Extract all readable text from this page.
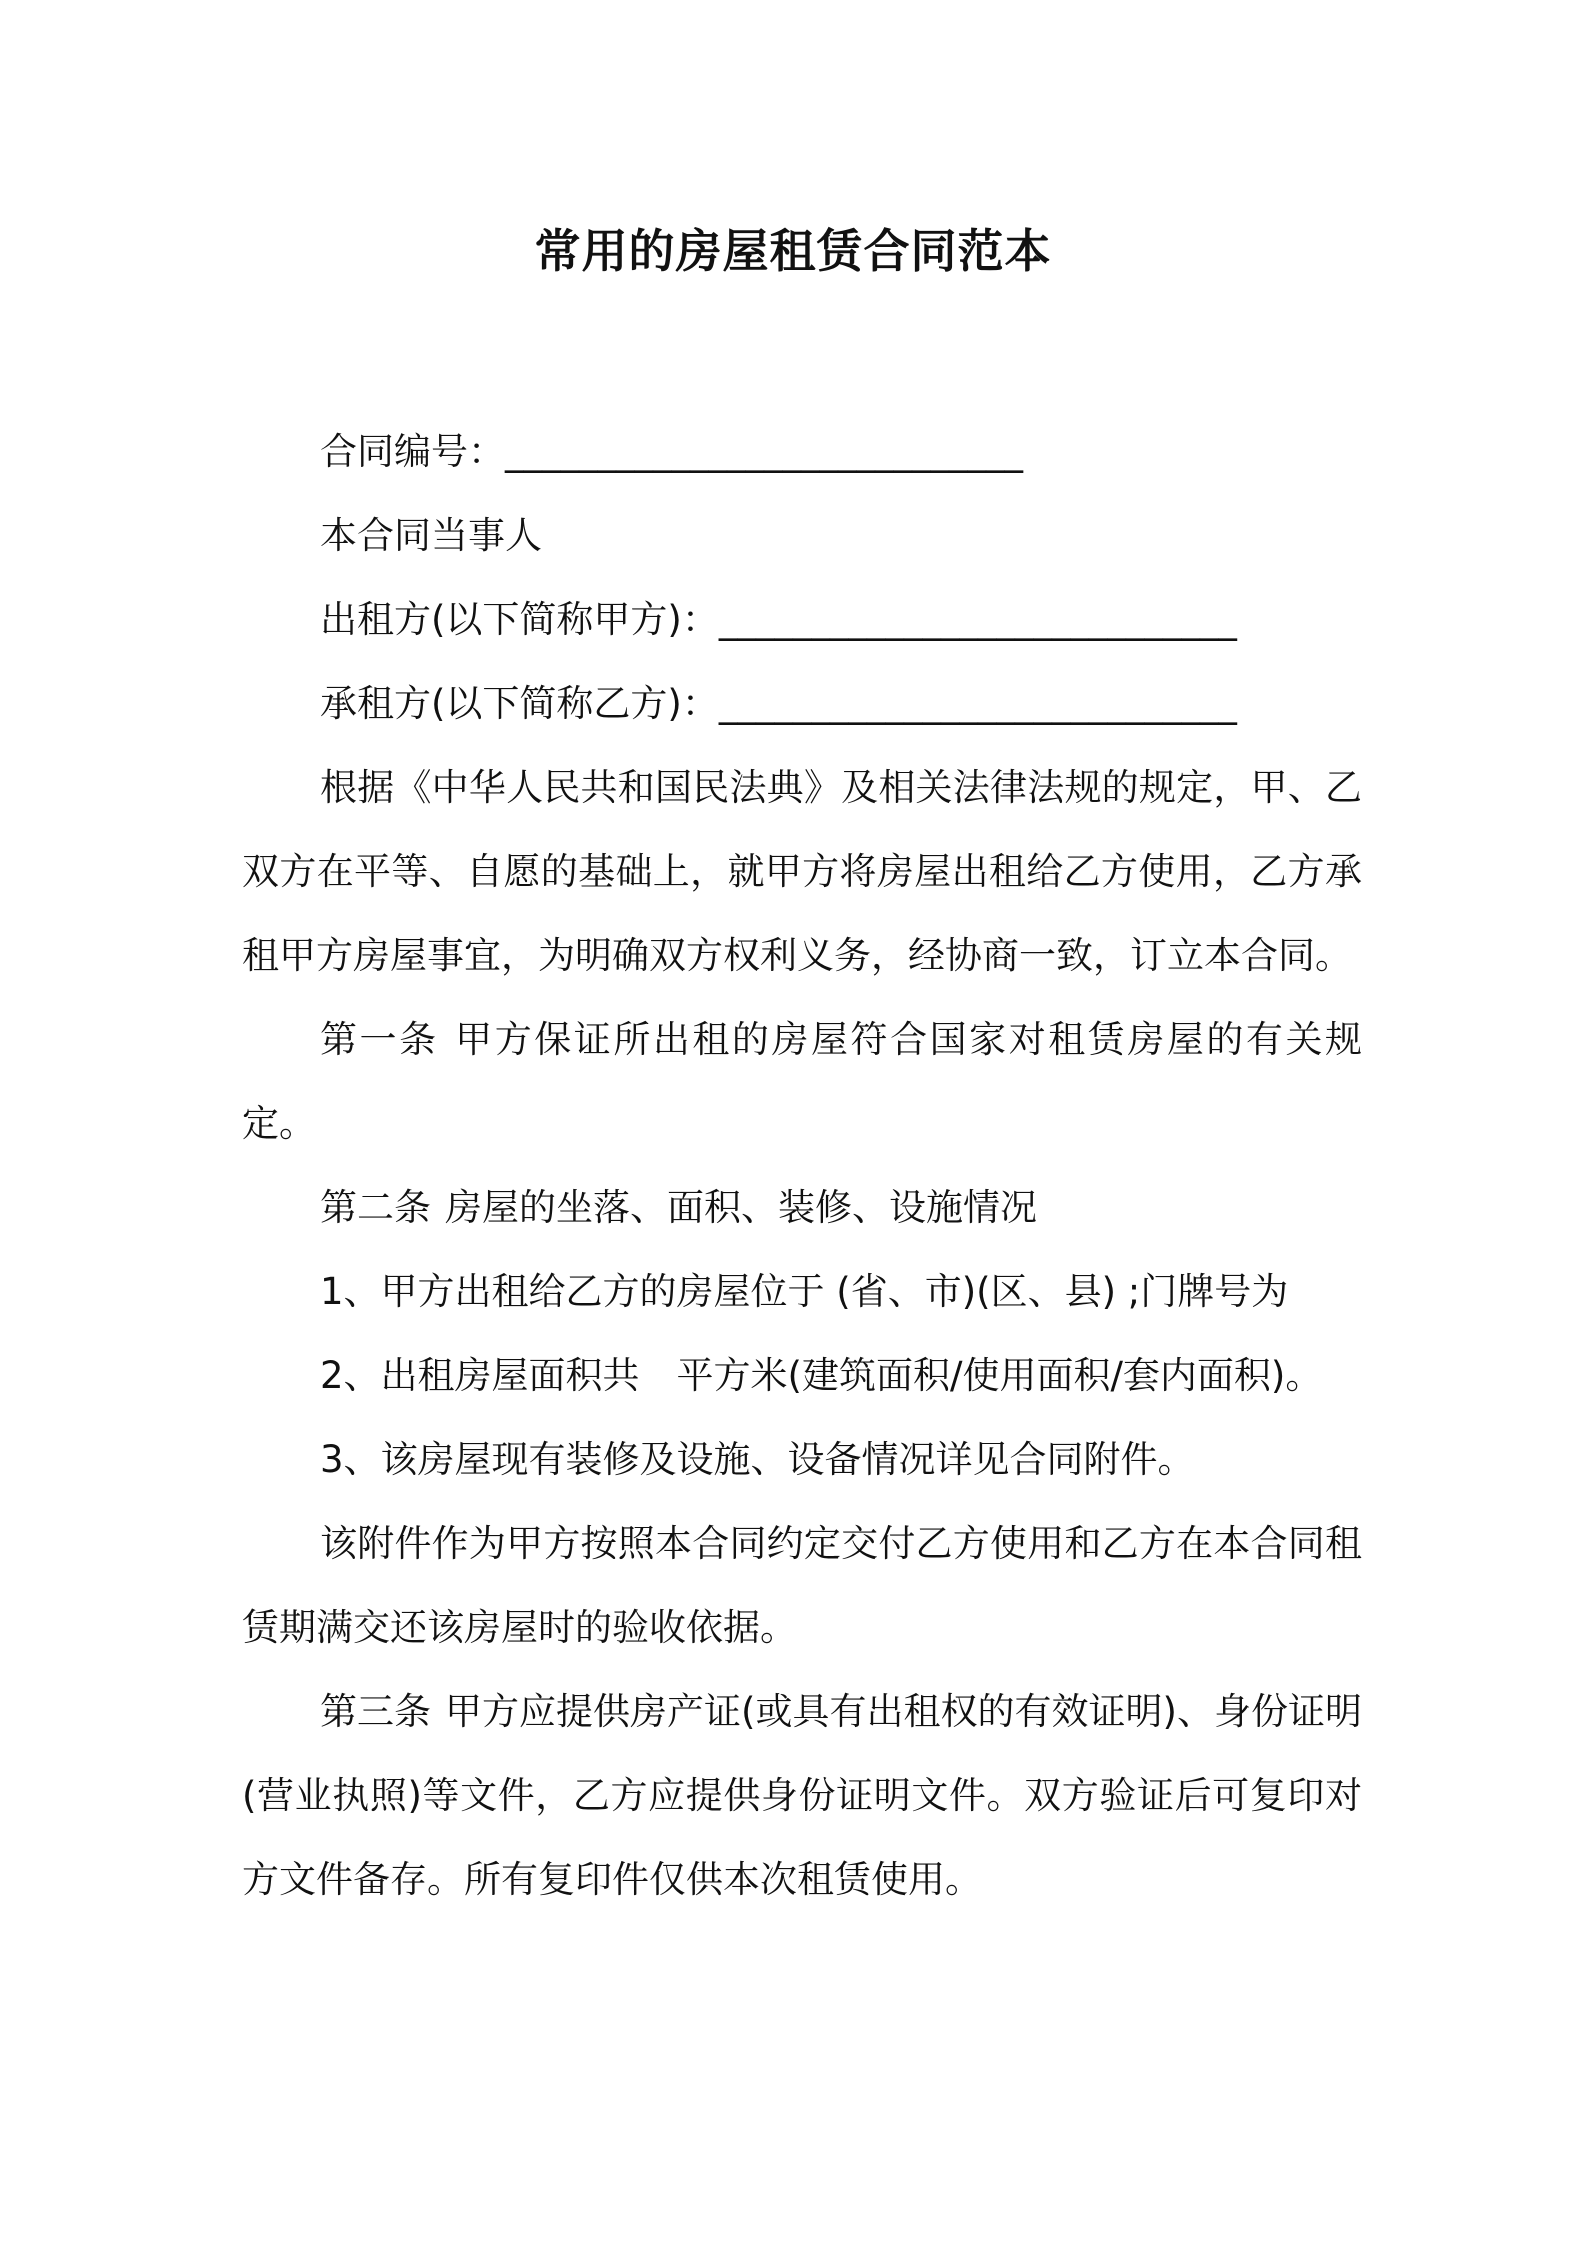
常用的房屋租赁合同范本

合同编号：____________________________

本合同当事人

出租方(以下简称甲方)：____________________________

承租方(以下简称乙方)：____________________________

根据《中华人民共和国民法典》及相关法律法规的规定，甲、乙双方在平等、自愿的基础上，就甲方将房屋出租给乙方使用，乙方承租甲方房屋事宜，为明确双方权利义务，经协商一致，订立本合同。

第一条 甲方保证所出租的房屋符合国家对租赁房屋的有关规定。

第二条 房屋的坐落、面积、装修、设施情况

1、甲方出租给乙方的房屋位于 (省、市)(区、县) ;门牌号为

2、出租房屋面积共　平方米(建筑面积/使用面积/套内面积)。

3、该房屋现有装修及设施、设备情况详见合同附件。

该附件作为甲方按照本合同约定交付乙方使用和乙方在本合同租赁期满交还该房屋时的验收依据。

第三条 甲方应提供房产证(或具有出租权的有效证明)、身份证明(营业执照)等文件，乙方应提供身份证明文件。双方验证后可复印对方文件备存。所有复印件仅供本次租赁使用。
